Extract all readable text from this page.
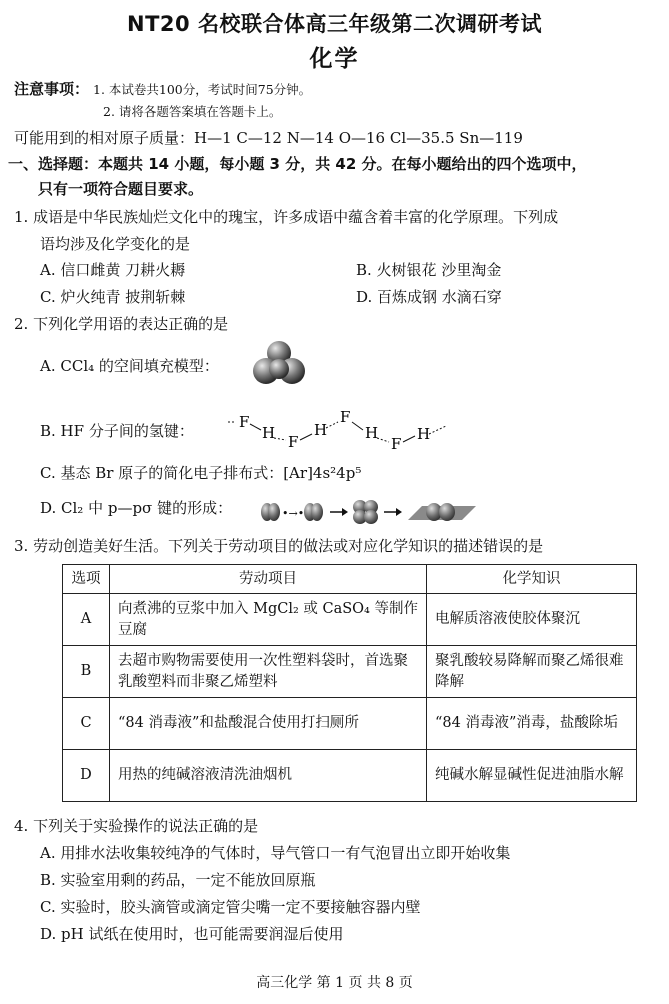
NT20 名校联合体高三年级第二次调研考试
化学
注意事项： 1. 本试卷共100分，考试时间75分钟。
2. 请将各题答案填在答题卡上。
可能用到的相对原子质量：H—1 C—12 N—14 O—16 Cl—35.5 Sn—119
一、选择题：本题共 14 小题，每小题 3 分，共 42 分。在每小题给出的四个选项中，
只有一项符合题目要求。
1. 成语是中华民族灿烂文化中的瑰宝，许多成语中蕴含着丰富的化学原理。下列成
语均涉及化学变化的是
A. 信口雌黄 刀耕火耨	B. 火树银花 沙里淘金
C. 炉火纯青 披荆斩棘	D. 百炼成钢 水滴石穿
2. 下列化学用语的表达正确的是
A. CCl₄ 的空间填充模型：
B. HF 分子间的氢键：	F
H F
H
F
H
F
H
C. 基态 Br 原子的简化电子排布式：[Ar]4s²4p⁵
D. Cl₂ 中 p—pσ 键的形成：	•→•
3. 劳动创造美好生活。下列关于劳动项目的做法或对应化学知识的描述错误的是
选项	劳动项目	化学知识
A	向煮沸的豆浆中加入 MgCl₂ 或 CaSO₄ 等制作豆腐	电解质溶液使胶体聚沉
B	去超市购物需要使用一次性塑料袋时，首选聚乳酸塑料而非聚乙烯塑料	聚乳酸较易降解而聚乙烯很难降解
C	“84 消毒液”和盐酸混合使用打扫厕所	“84 消毒液”消毒，盐酸除垢
D	用热的纯碱溶液清洗油烟机	纯碱水解显碱性促进油脂水解
4. 下列关于实验操作的说法正确的是
A. 用排水法收集较纯净的气体时，导气管口一有气泡冒出立即开始收集
B. 实验室用剩的药品，一定不能放回原瓶
C. 实验时，胶头滴管或滴定管尖嘴一定不要接触容器内壁
D. pH 试纸在使用时，也可能需要润湿后使用
高三化学 第 1 页 共 8 页
